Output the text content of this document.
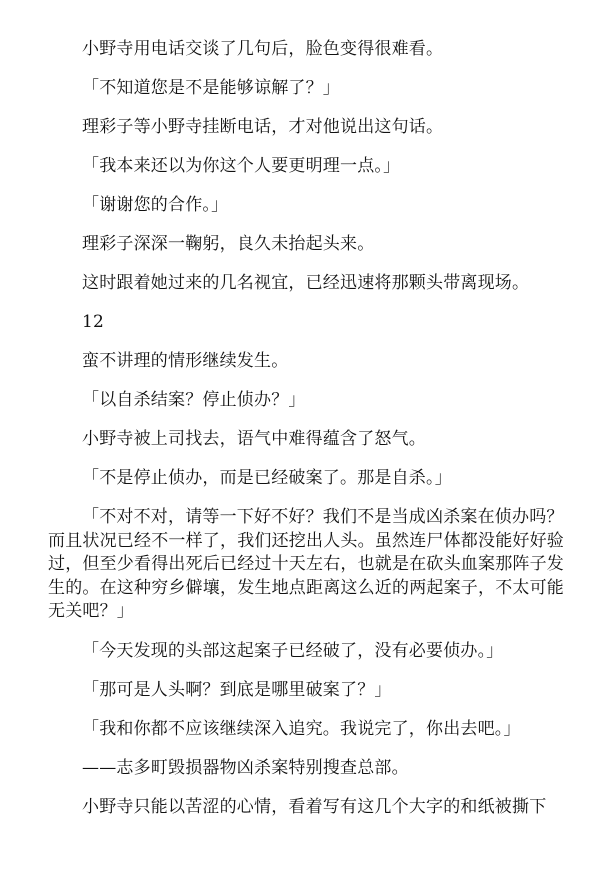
小野寺用电话交谈了几句后，脸色变得很难看。

「不知道您是不是能够谅解了？」

理彩子等小野寺挂断电话，才对他说出这句话。

「我本来还以为你这个人要更明理一点。」

「谢谢您的合作。」

理彩子深深一鞠躬，良久未抬起头来。

这时跟着她过来的几名视宜，已经迅速将那颗头带离现场。

12

蛮不讲理的情形继续发生。

「以自杀结案？停止侦办？」

小野寺被上司找去，语气中难得蕴含了怒气。

「不是停止侦办，而是已经破案了。那是自杀。」

「不对不对，请等一下好不好？我们不是当成凶杀案在侦办吗？而且状况已经不一样了，我们还挖出人头。虽然连尸体都没能好好验过，但至少看得出死后已经过十天左右，也就是在砍头血案那阵子发生的。在这种穷乡僻壤，发生地点距离这么近的两起案子，不太可能无关吧？」

「今天发现的头部这起案子已经破了，没有必要侦办。」

「那可是人头啊？到底是哪里破案了？」

「我和你都不应该继续深入追究。我说完了，你出去吧。」

——志多町毁损器物凶杀案特别搜查总部。

小野寺只能以苦涩的心情，看着写有这几个大字的和纸被撕下
